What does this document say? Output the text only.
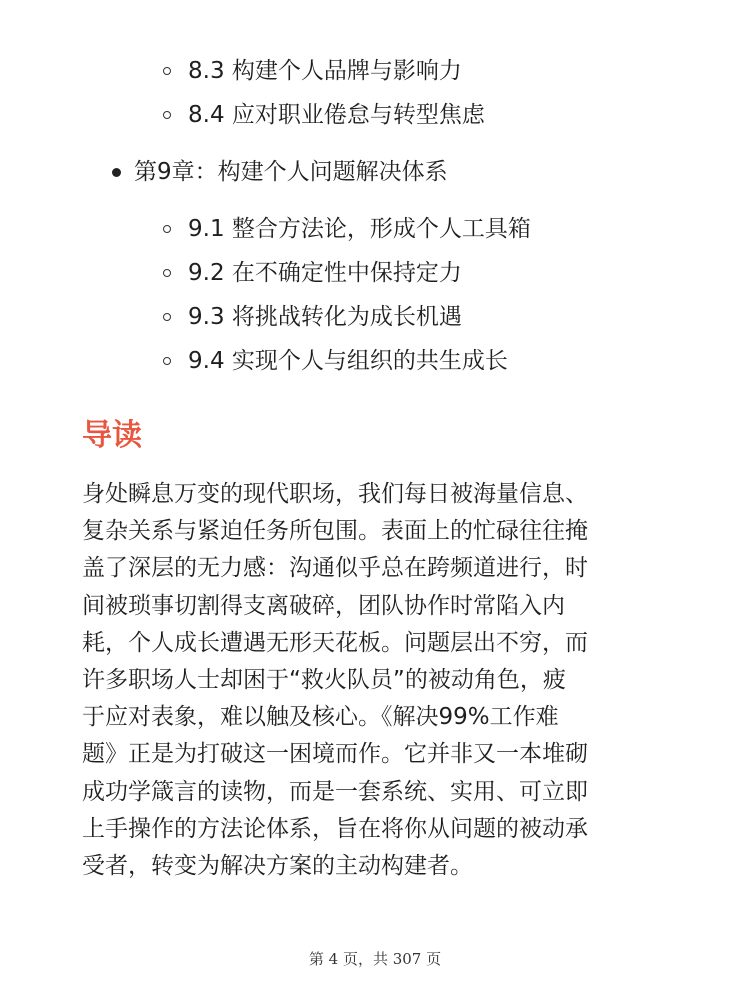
8.3 构建个人品牌与影响力
8.4 应对职业倦怠与转型焦虑
第9章：构建个人问题解决体系
9.1 整合方法论，形成个人工具箱
9.2 在不确定性中保持定力
9.3 将挑战转化为成长机遇
9.4 实现个人与组织的共生成长
导读
身处瞬息万变的现代职场，我们每日被海量信息、
复杂关系与紧迫任务所包围。表面上的忙碌往往掩
盖了深层的无力感：沟通似乎总在跨频道进行，时
间被琐事切割得支离破碎，团队协作时常陷入内
耗，个人成长遭遇无形天花板。问题层出不穷，而
许多职场人士却困于“救火队员”的被动角色，疲
于应对表象，难以触及核心。《解决99%工作难
题》正是为打破这一困境而作。它并非又一本堆砌
成功学箴言的读物，而是一套系统、实用、可立即
上手操作的方法论体系，旨在将你从问题的被动承
受者，转变为解决方案的主动构建者。
第 4 页，共 307 页
